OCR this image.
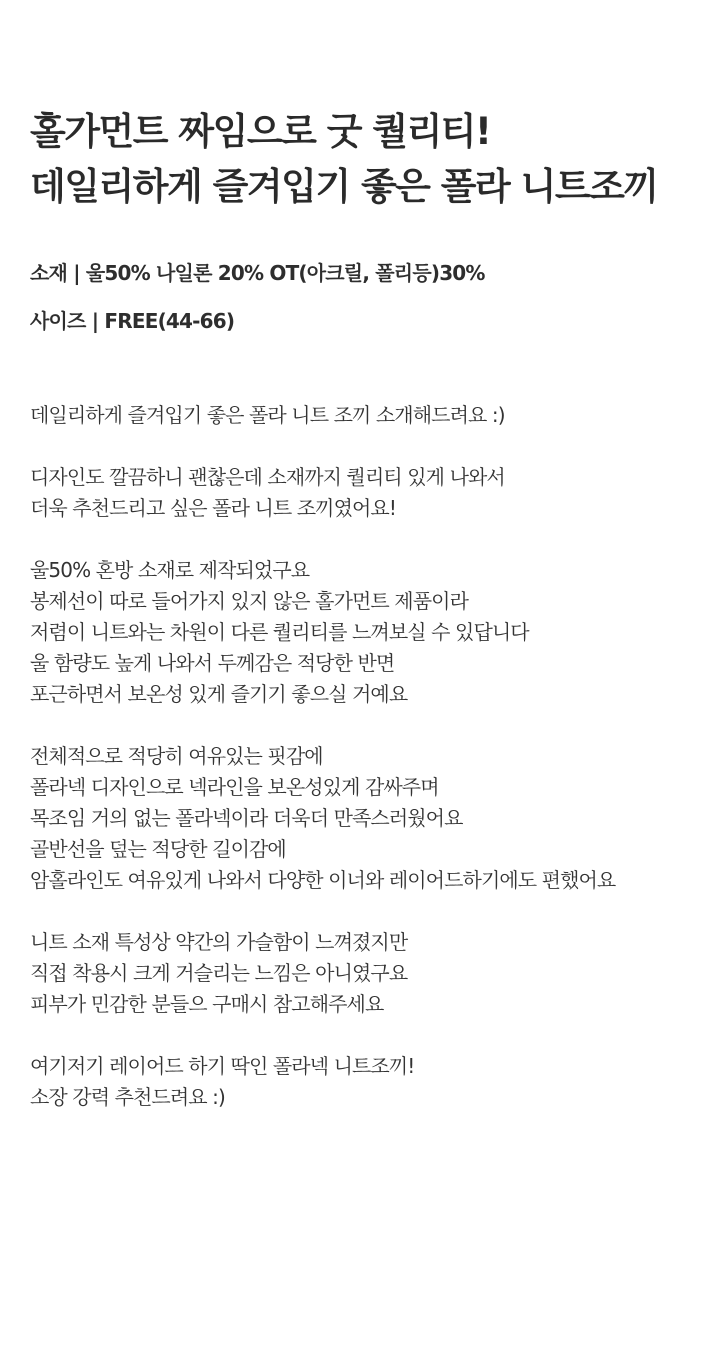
홀가먼트 짜임으로 굿 퀄리티!
데일리하게 즐겨입기 좋은 폴라 니트조끼
소재 | 울50% 나일론 20% OT(아크릴, 폴리등)30%
사이즈 | FREE(44-66)

데일리하게 즐겨입기 좋은 폴라 니트 조끼 소개해드려요 :)

디자인도 깔끔하니 괜찮은데 소재까지 퀄리티 있게 나와서
더욱 추천드리고 싶은 폴라 니트 조끼였어요!

울50% 혼방 소재로 제작되었구요
봉제선이 따로 들어가지 있지 않은 홀가먼트 제품이라
저렴이 니트와는 차원이 다른 퀄리티를 느껴보실 수 있답니다
울 함량도 높게 나와서 두께감은 적당한 반면
포근하면서 보온성 있게 즐기기 좋으실 거예요

전체적으로 적당히 여유있는 핏감에
폴라넥 디자인으로 넥라인을 보온성있게 감싸주며
목조임 거의 없는 폴라넥이라 더욱더 만족스러웠어요
골반선을 덮는 적당한 길이감에
암홀라인도 여유있게 나와서 다양한 이너와 레이어드하기에도 편했어요

니트 소재 특성상 약간의 가슬함이 느껴졌지만
직접 착용시 크게 거슬리는 느낌은 아니였구요
피부가 민감한 분들으 구매시 참고해주세요

여기저기 레이어드 하기 딱인 폴라넥 니트조끼!
소장 강력 추천드려요 :)
